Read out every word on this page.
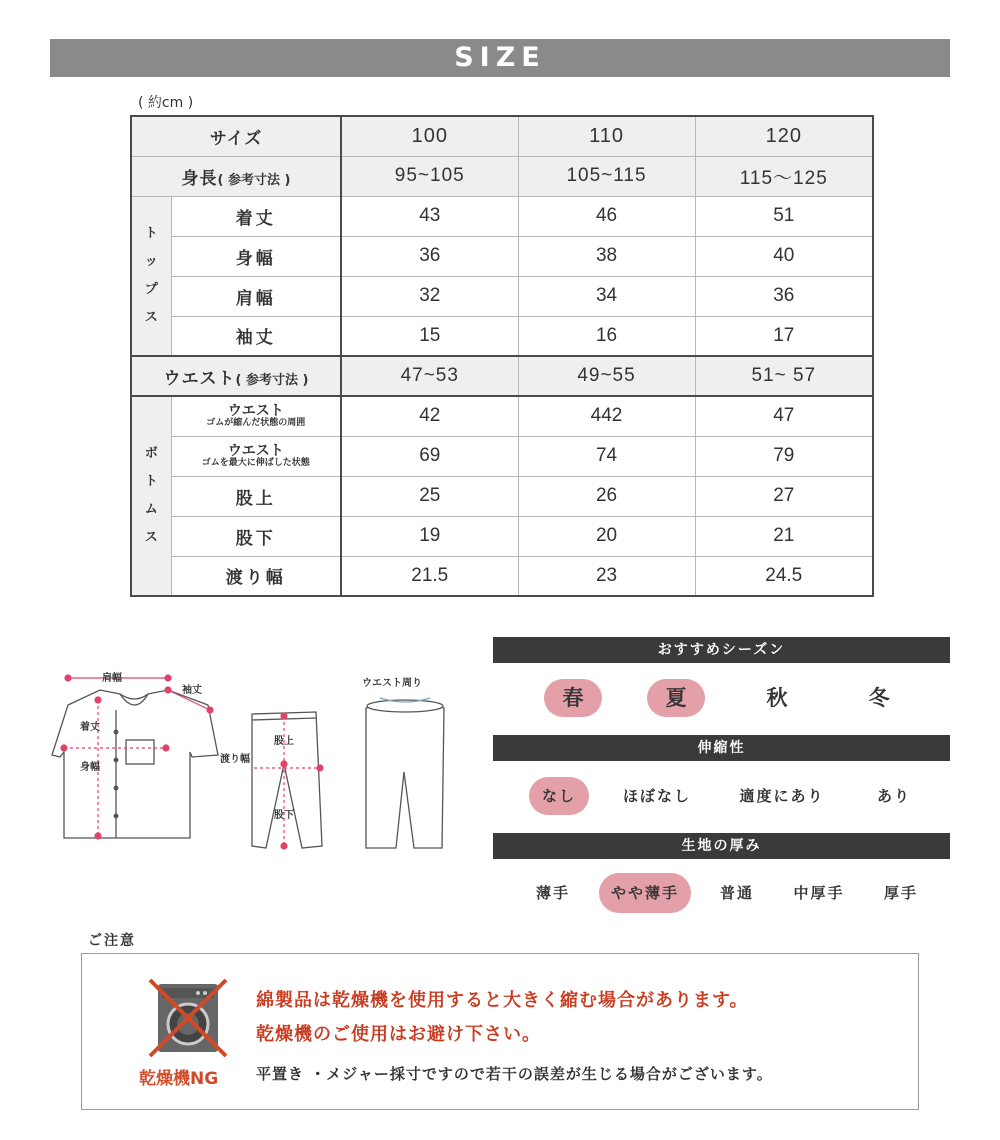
SIZE
( 約cm )
サイズ		100	110	120
身長( 参考寸法 )		95~105	105~115	115～125
ト
ッ
プ
ス	着丈	43	46	51
	身幅	36	38	40
	肩幅	32	34	36
	袖丈	15	16	17
ウエスト( 参考寸法 )		47~53	49~55	51~ 57
ボ
ト
ム
ス	ウエスト
ゴムが縮んだ状態の周囲	42	442	47

	ウエスト
ゴムを最大に伸ばした状態	69	74	79
	股上	25	26	27
	股下	19	20	21
	渡り幅	21.5	23	24.5
肩幅
袖丈
着丈
身幅
股上
股下
渡り幅
ウエスト周り
おすすめシーズン
春	夏	秋	冬
伸縮性
なし	ほぼなし	適度にあり	あり
生地の厚み
薄手	やや薄手	普通	中厚手	厚手
ご注意
乾燥機NG
綿製品は乾燥機を使用すると大きく縮む場合があります。
乾燥機のご使用はお避け下さい。
平置き ・メジャー採寸ですので若干の誤差が生じる場合がございます。
